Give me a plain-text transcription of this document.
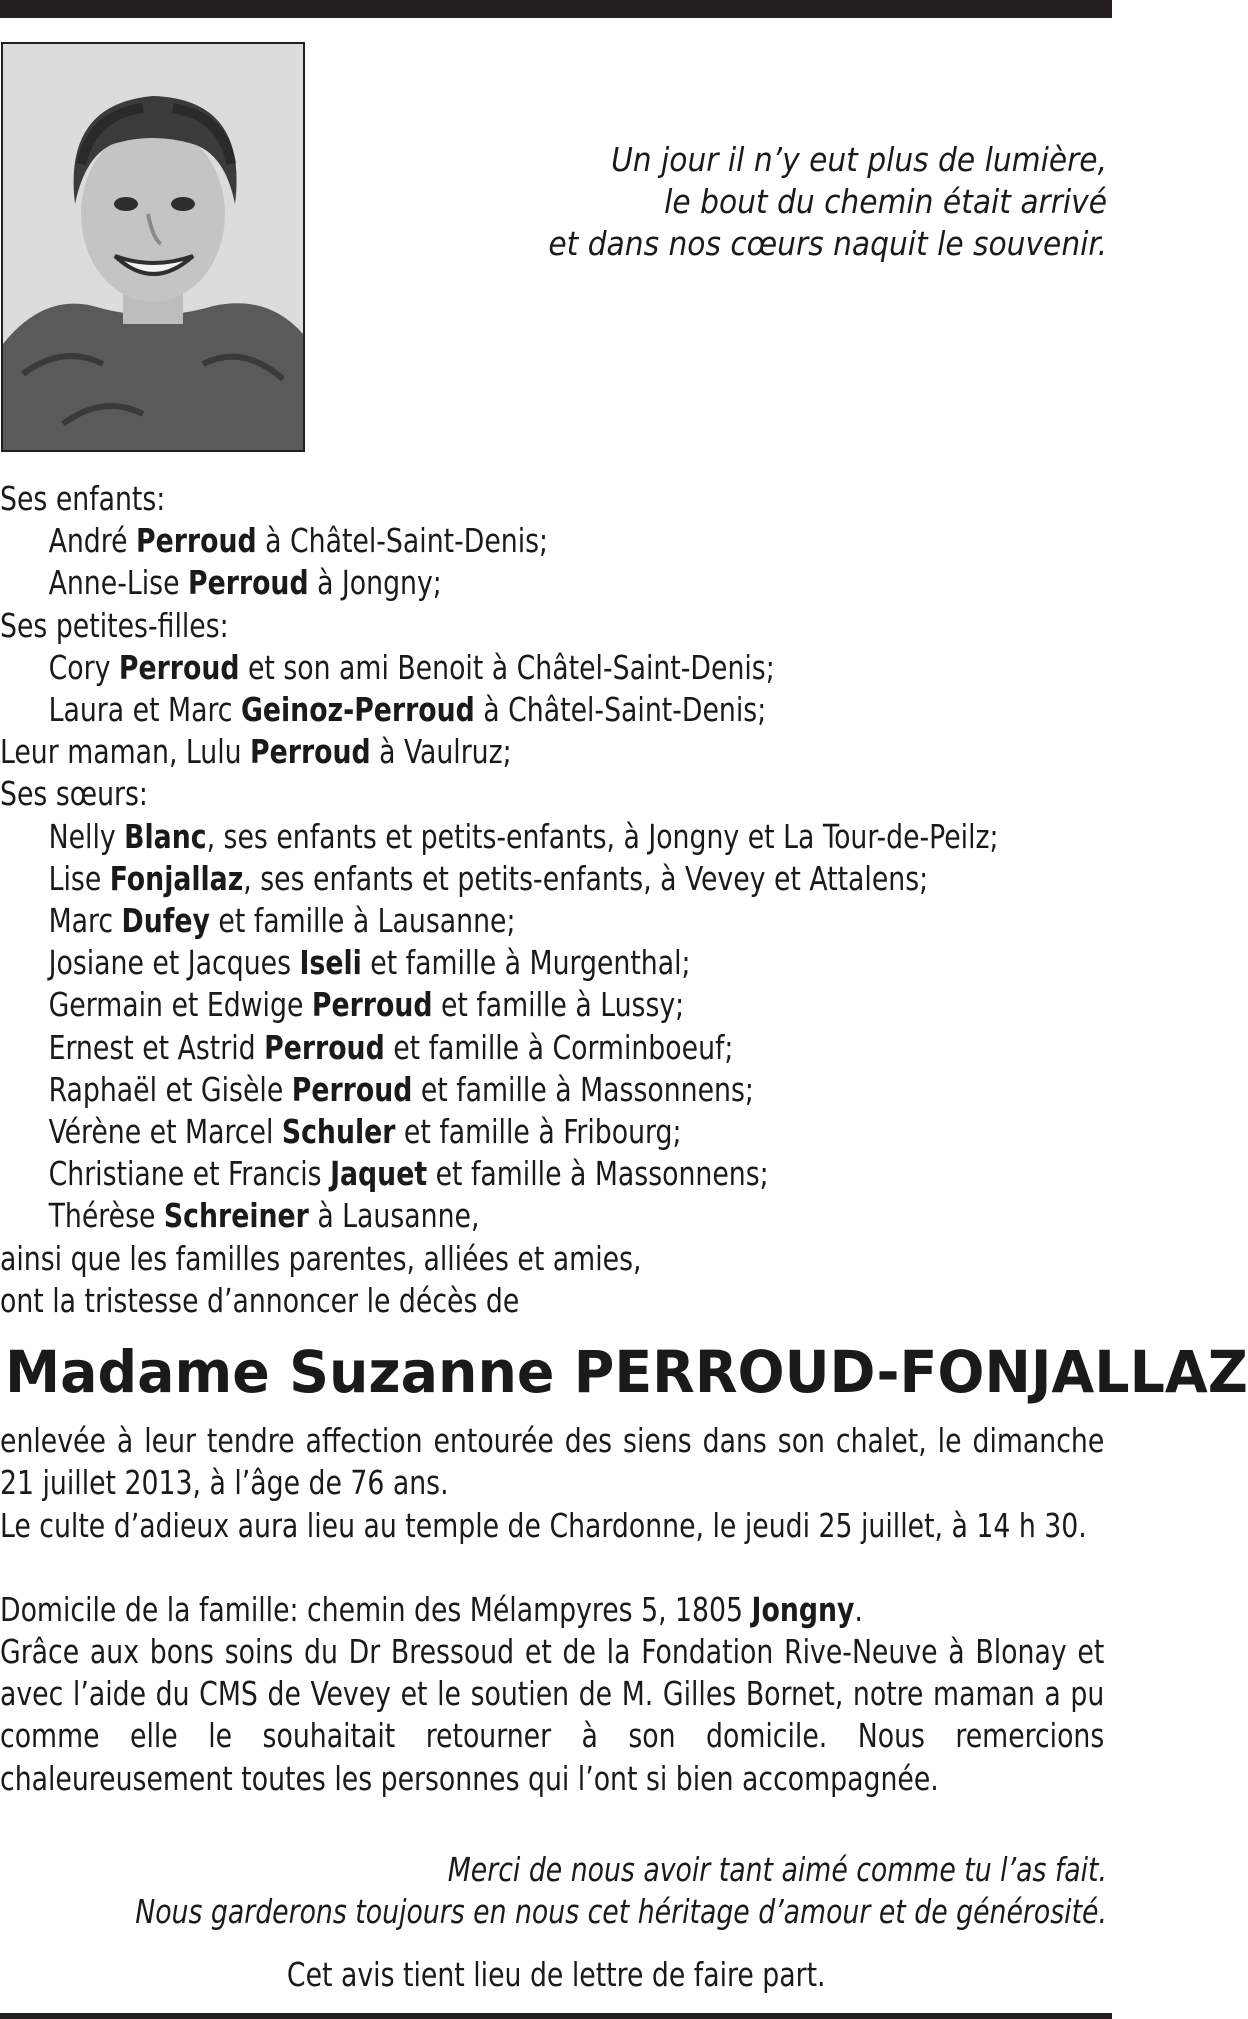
Un jour il n’y eut plus de lumière,
le bout du chemin était arrivé
et dans nos cœurs naquit le souvenir.
Ses enfants:
André Perroud à Châtel-Saint-Denis;
Anne-Lise Perroud à Jongny;
Ses petites-filles:
Cory Perroud et son ami Benoit à Châtel-Saint-Denis;
Laura et Marc Geinoz-Perroud à Châtel-Saint-Denis;
Leur maman, Lulu Perroud à Vaulruz;
Ses sœurs:
Nelly Blanc, ses enfants et petits-enfants, à Jongny et La Tour-de-Peilz;
Lise Fonjallaz, ses enfants et petits-enfants, à Vevey et Attalens;
Marc Dufey et famille à Lausanne;
Josiane et Jacques Iseli et famille à Murgenthal;
Germain et Edwige Perroud et famille à Lussy;
Ernest et Astrid Perroud et famille à Corminboeuf;
Raphaël et Gisèle Perroud et famille à Massonnens;
Vérène et Marcel Schuler et famille à Fribourg;
Christiane et Francis Jaquet et famille à Massonnens;
Thérèse Schreiner à Lausanne,
ainsi que les familles parentes, alliées et amies,
ont la tristesse d’annoncer le décès de
Madame Suzanne PERROUD-FONJALLAZ
enlevée à leur tendre affection entourée des siens dans son chalet, le dimanche 21 juillet 2013, à l’âge de 76 ans.
Le culte d’adieux aura lieu au temple de Chardonne, le jeudi 25 juillet, à 14 h 30.
Domicile de la famille: chemin des Mélampyres 5, 1805 Jongny.
Grâce aux bons soins du Dr Bressoud et de la Fondation Rive-Neuve à Blonay et avec l’aide du CMS de Vevey et le soutien de M. Gilles Bornet, notre maman a pu comme elle le souhaitait retourner à son domicile. Nous remercions chaleureusement toutes les personnes qui l’ont si bien accompagnée.
Merci de nous avoir tant aimé comme tu l’as fait.
Nous garderons toujours en nous cet héritage d’amour et de générosité.
Cet avis tient lieu de lettre de faire part.
